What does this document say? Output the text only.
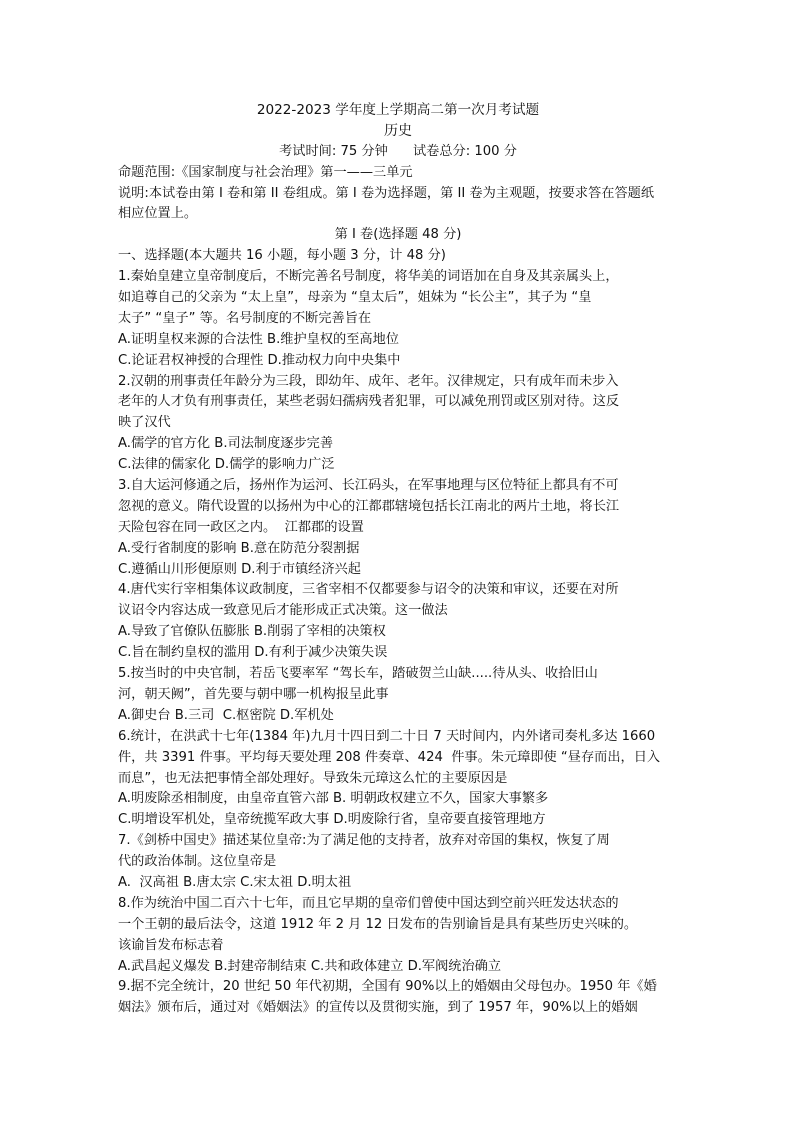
2022-2023 学年度上学期高二第一次月考试题
历史
考试时间: 75 分钟      试卷总分: 100 分
命题范围:《国家制度与社会治理》第一——三单元
说明:本试卷由第 I 卷和第 II 卷组成。第 I 卷为选择题，第 II 卷为主观题，按要求答在答题纸
相应位置上。
第 I 卷(选择题 48 分)
一、选择题(本大题共 16 小题，每小题 3 分，计 48 分)
1.秦始皇建立皇帝制度后，不断完善名号制度，将华美的词语加在自身及其亲属头上，
如追尊自己的父亲为 “太上皇”，母亲为 “皇太后”，姐妹为 “长公主”，其子为 “皇
太子” “皇子” 等。名号制度的不断完善旨在
A.证明皇权来源的合法性 B.维护皇权的至高地位
C.论证君权神授的合理性 D.推动权力向中央集中
2.汉朝的刑事责任年龄分为三段，即幼年、成年、老年。汉律规定，只有成年而未步入
老年的人才负有刑事责任，某些老弱妇孺病残者犯罪，可以减免刑罚或区别对待。这反
映了汉代
A.儒学的官方化 B.司法制度逐步完善
C.法律的儒家化 D.儒学的影响力广泛
3.自大运河修通之后，扬州作为运河、长江码头，在军事地理与区位特征上都具有不可
忽视的意义。隋代设置的以扬州为中心的江都郡辖境包括长江南北的两片土地，将长江
天险包容在同一政区之内。  江都郡的设置
A.受行省制度的影响 B.意在防范分裂割据
C.遵循山川形便原则 D.利于市镇经济兴起
4.唐代实行宰相集体议政制度，三省宰相不仅都要参与诏令的决策和审议，还要在对所
议诏令内容达成一致意见后才能形成正式决策。这一做法
A.导致了官僚队伍膨胀 B.削弱了宰相的决策权
C.旨在制约皇权的滥用 D.有利于减少决策失误
5.按当时的中央官制，若岳飞要率军 “驾长车，踏破贺兰山缺.....待从头、收拾旧山
河，朝天阙”，首先要与朝中哪一机构报呈此事
A.御史台 B.三司  C.枢密院 D.军机处
6.统计，在洪武十七年(1384 年)九月十四日到二十日 7 天时间内，内外诸司奏札多达 1660
件，共 3391 件事。平均每天要处理 208 件奏章、424  件事。朱元璋即使 “昼存而出，日入
而息”，也无法把事情全部处理好。导致朱元璋这么忙的主要原因是
A.明废除丞相制度，由皇帝直管六部 B. 明朝政权建立不久，国家大事繁多
C.明增设军机处，皇帝统揽军政大事 D.明废除行省，皇帝要直接管理地方
7.《剑桥中国史》描述某位皇帝:为了满足他的支持者，放弃对帝国的集权，恢复了周
代的政治体制。这位皇帝是
A.  汉高祖 B.唐太宗 C.宋太祖 D.明太祖
8.作为统治中国二百六十七年，而且它早期的皇帝们曾使中国达到空前兴旺发达状态的
一个王朝的最后法令，这道 1912 年 2 月 12 日发布的告别谕旨是具有某些历史兴味的。
该谕旨发布标志着
A.武昌起义爆发 B.封建帝制结束 C.共和政体建立 D.军阀统治确立
9.据不完全统计，20 世纪 50 年代初期，全国有 90%以上的婚姻由父母包办。1950 年《婚
姻法》颁布后，通过对《婚姻法》的宣传以及贯彻实施，到了 1957 年，90%以上的婚姻
